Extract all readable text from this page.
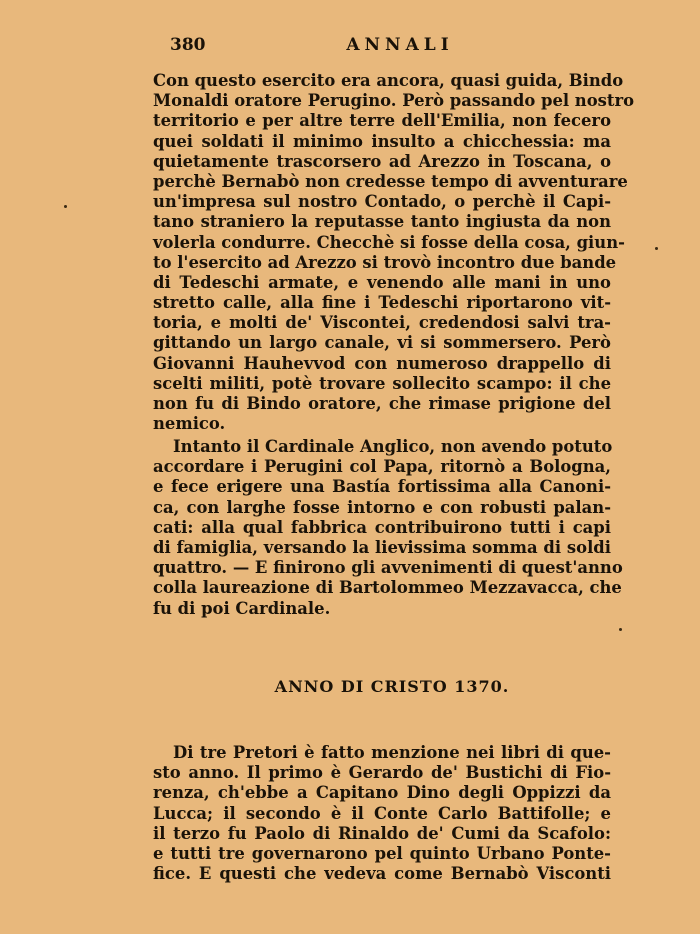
380	ANNALI
Con questo esercito era ancora, quasi guida, Bindo
Monaldi oratore Perugino. Però passando pel nostro
territorio e per altre terre dell'Emilia, non fecero
quei soldati il minimo insulto a chicchessia: ma
quietamente trascorsero ad Arezzo in Toscana, o
perchè Bernabò non credesse tempo di avventurare
un'impresa sul nostro Contado, o perchè il Capi-
tano straniero la reputasse tanto ingiusta da non
volerla condurre. Checchè si fosse della cosa, giun-
to l'esercito ad Arezzo si trovò incontro due bande
di Tedeschi armate, e venendo alle mani in uno
stretto calle, alla fine i Tedeschi riportarono vit-
toria, e molti de' Viscontei, credendosi salvi tra-
gittando un largo canale, vi si sommersero. Però
Giovanni Hauhevvod con numeroso drappello di
scelti militi, potè trovare sollecito scampo: il che
non fu di Bindo oratore, che rimase prigione del
nemico.
Intanto il Cardinale Anglico, non avendo potuto
accordare i Perugini col Papa, ritornò a Bologna,
e fece erigere una Bastía fortissima alla Canoni-
ca, con larghe fosse intorno e con robusti palan-
cati: alla qual fabbrica contribuirono tutti i capi
di famiglia, versando la lievissima somma di soldi
quattro. — E finirono gli avvenimenti di quest'anno
colla laureazione di Bartolommeo Mezzavacca, che
fu di poi Cardinale.
ANNO DI CRISTO 1370.
Di tre Pretori è fatto menzione nei libri di que-
sto anno. Il primo è Gerardo de' Bustichi di Fio-
renza, ch'ebbe a Capitano Dino degli Oppizzi da
Lucca; il secondo è il Conte Carlo Battifolle; e
il terzo fu Paolo di Rinaldo de' Cumi da Scafolo:
e tutti tre governarono pel quinto Urbano Ponte-
fice. E questi che vedeva come Bernabò Visconti
